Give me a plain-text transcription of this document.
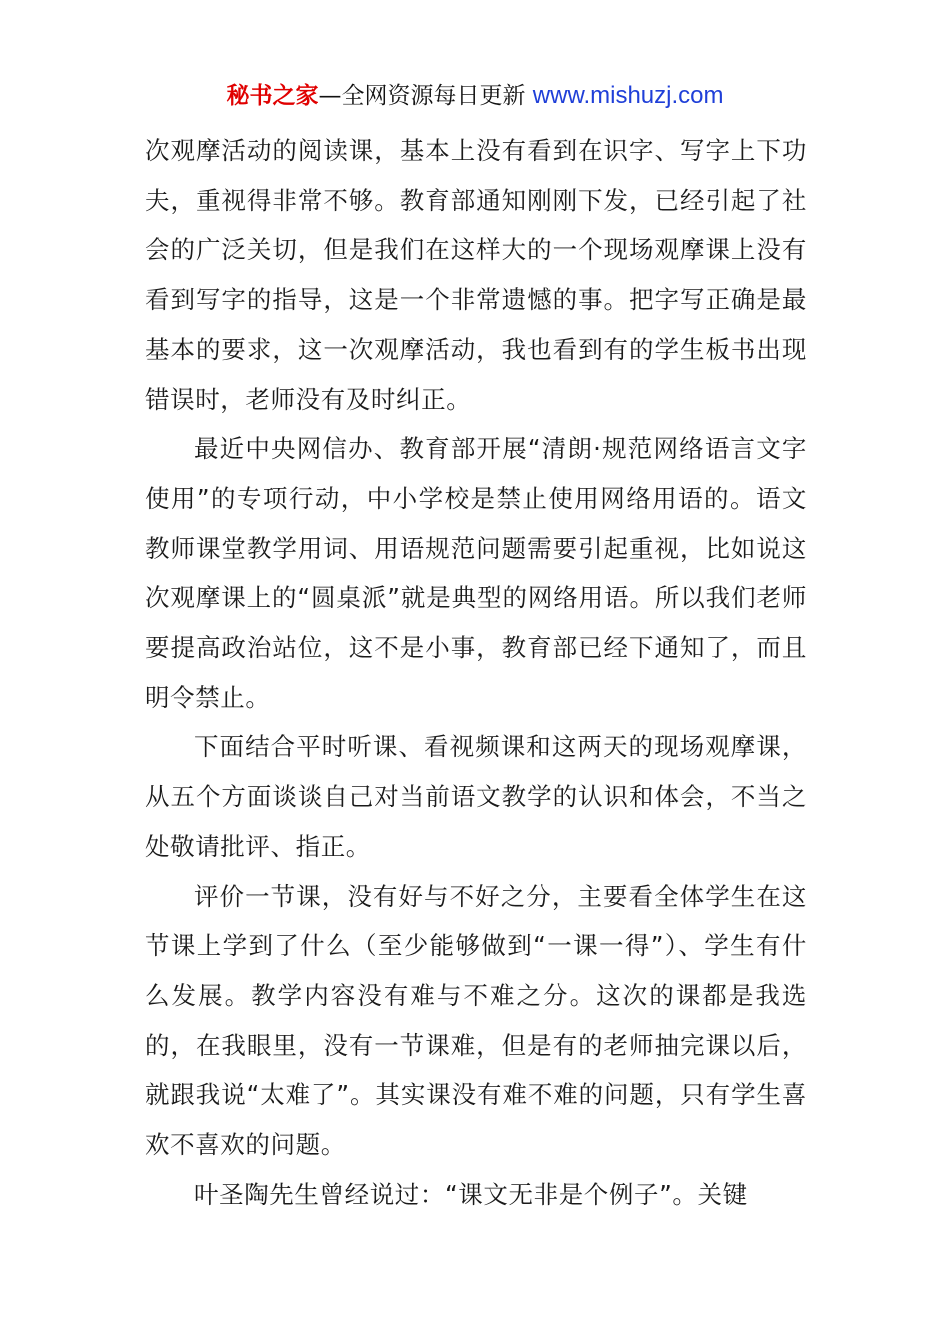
秘书之家—全网资源每日更新 www.mishuzj.com

次观摩活动的阅读课，基本上没有看到在识字、写字上下功夫，重视得非常不够。教育部通知刚刚下发，已经引起了社会的广泛关切，但是我们在这样大的一个现场观摩课上没有看到写字的指导，这是一个非常遗憾的事。把字写正确是最基本的要求，这一次观摩活动，我也看到有的学生板书出现错误时，老师没有及时纠正。

最近中央网信办、教育部开展“清朗·规范网络语言文字使用”的专项行动，中小学校是禁止使用网络用语的。语文教师课堂教学用词、用语规范问题需要引起重视，比如说这次观摩课上的“圆桌派”就是典型的网络用语。所以我们老师要提高政治站位，这不是小事，教育部已经下通知了，而且明令禁止。

下面结合平时听课、看视频课和这两天的现场观摩课，从五个方面谈谈自己对当前语文教学的认识和体会，不当之处敬请批评、指正。

评价一节课，没有好与不好之分，主要看全体学生在这节课上学到了什么（至少能够做到“一课一得”）、学生有什么发展。教学内容没有难与不难之分。这次的课都是我选的，在我眼里，没有一节课难，但是有的老师抽完课以后，就跟我说“太难了”。其实课没有难不难的问题，只有学生喜欢不喜欢的问题。

叶圣陶先生曾经说过：“课文无非是个例子”。关键
